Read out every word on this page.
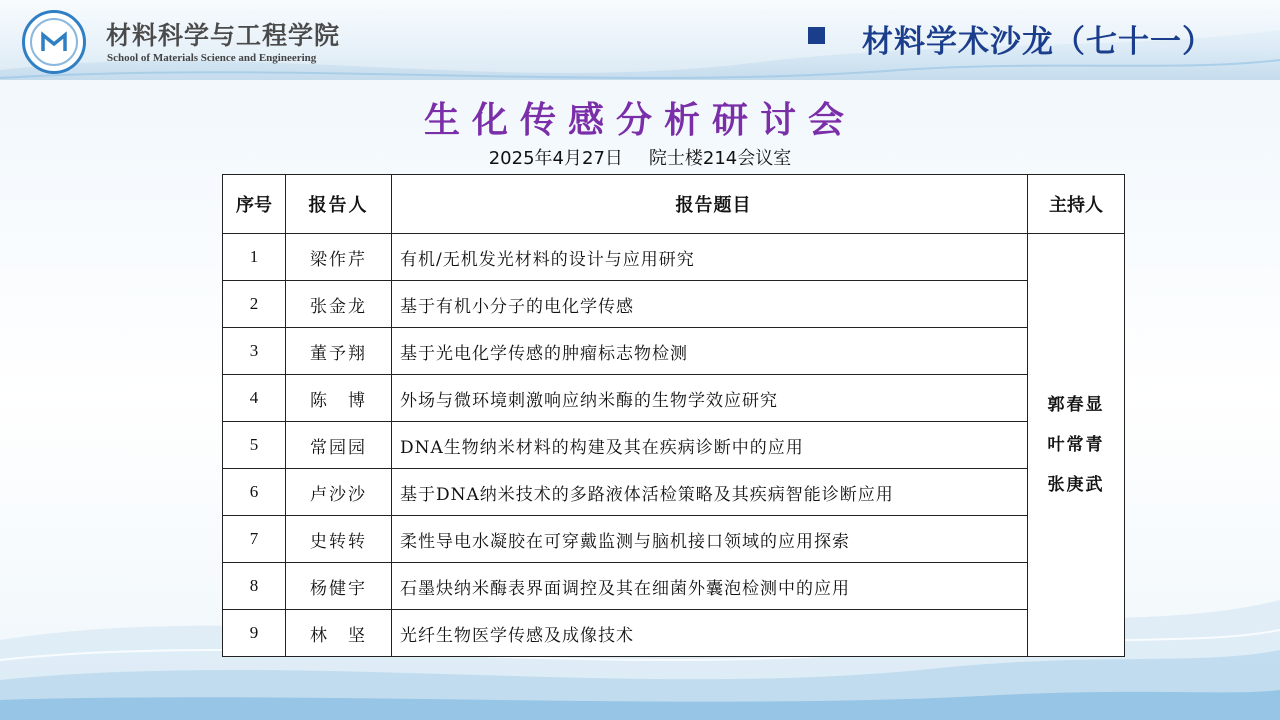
材料科学与工程学院
School of Materials Science and Engineering	材料学术沙龙（七十一）
生化传感分析研讨会
2025年4月27日 院士楼214会议室
序号	报告人	报告题目	主持人
1	梁作芹	有机/无机发光材料的设计与应用研究	郭春显
叶常青
张庚武

2	张金龙	基于有机小分子的电化学传感	
3	董予翔	基于光电化学传感的肿瘤标志物检测	
4	陈　博	外场与微环境刺激响应纳米酶的生物学效应研究	
5	常园园	DNA生物纳米材料的构建及其在疾病诊断中的应用	
6	卢沙沙	基于DNA纳米技术的多路液体活检策略及其疾病智能诊断应用	
7	史转转	柔性导电水凝胶在可穿戴监测与脑机接口领域的应用探索	
8	杨健宇	石墨炔纳米酶表界面调控及其在细菌外囊泡检测中的应用	
9	林　坚	光纤生物医学传感及成像技术	
